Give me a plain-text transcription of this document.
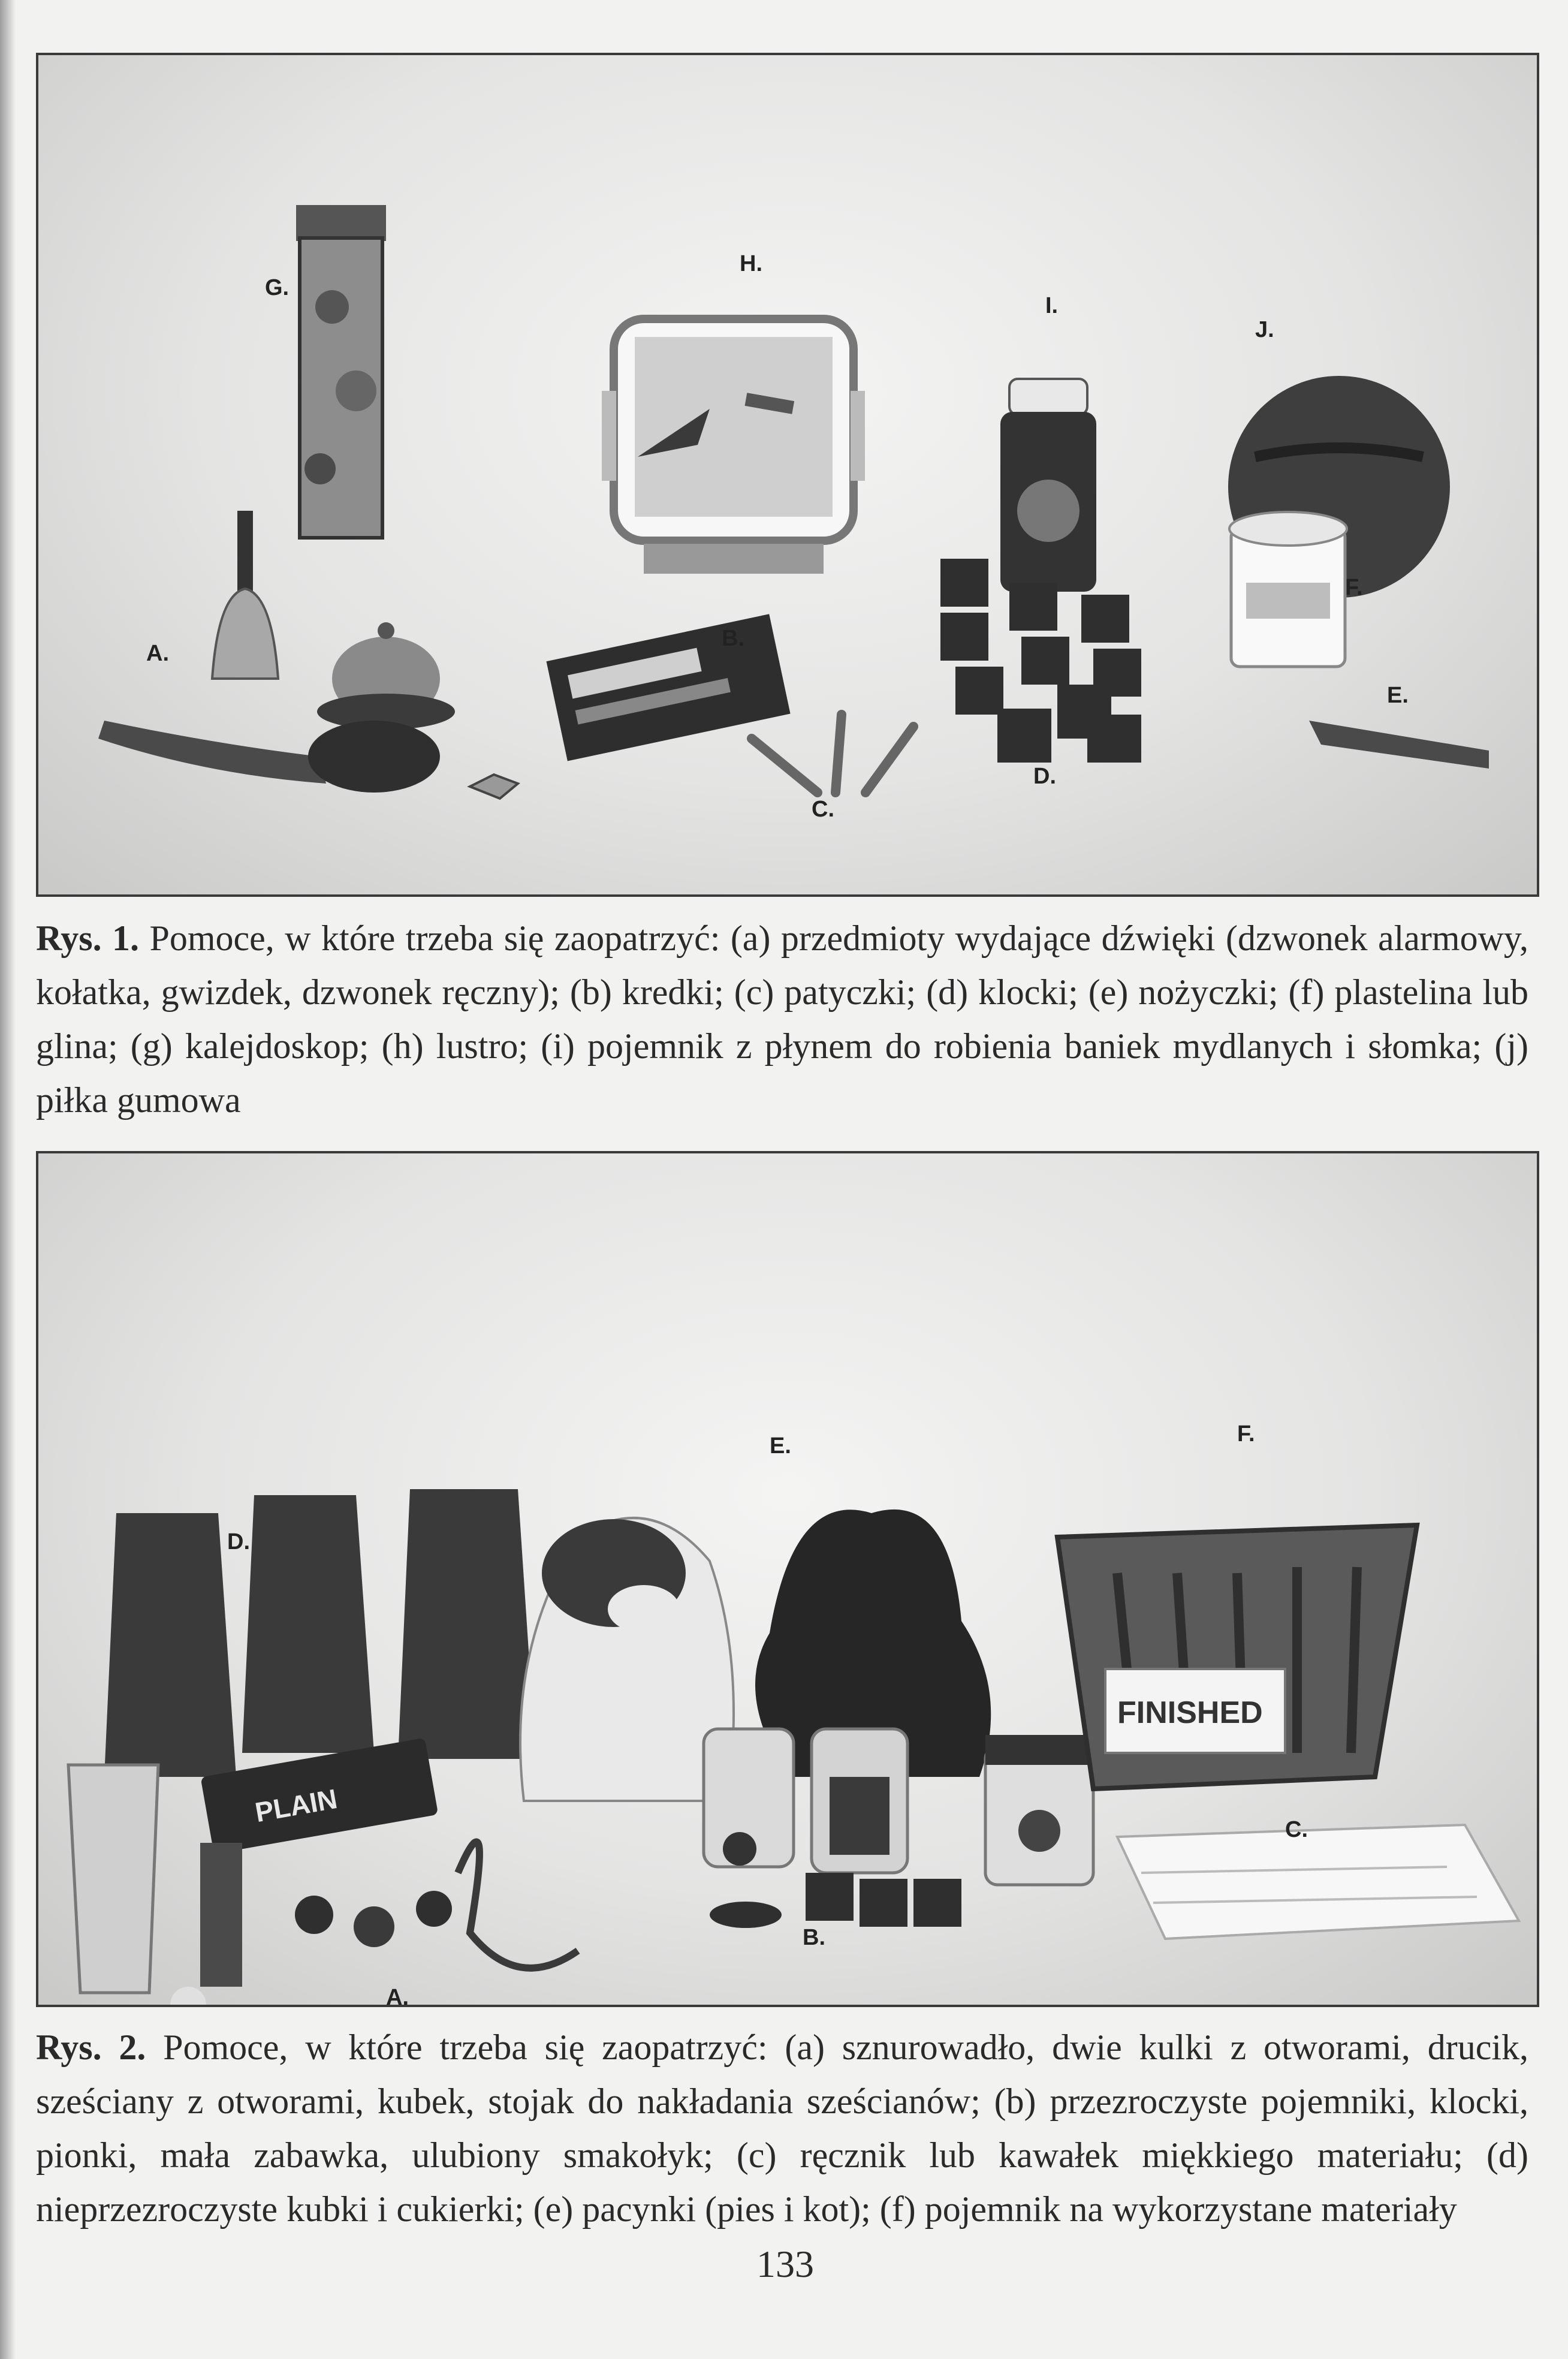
A.
B.
C.
D.
E.
F.
G.
H.
I.
J.
Rys. 1. Pomoce, w które trzeba się zaopatrzyć: (a) przedmioty wydające dźwięki (dzwonek alarmowy, kołatka, gwizdek, dzwonek ręczny); (b) kredki; (c) patyczki; (d) klocki; (e) nożyczki; (f) plastelina lub glina; (g) kalejdoskop; (h) lustro; (i) pojemnik z płynem do robienia baniek mydlanych i słomka; (j) piłka gumowa
PLAIN
FINISHED
A.
B.
C.
D.
E.	F.
Rys. 2. Pomoce, w które trzeba się zaopatrzyć: (a) sznurowadło, dwie kulki z otworami, drucik, sześciany z otworami, kubek, stojak do nakładania sześcianów; (b) przezroczyste pojemniki, klocki, pionki, mała zabawka, ulubiony smakołyk; (c) ręcznik lub kawałek miękkiego materiału; (d) nieprzezroczyste kubki i cukierki; (e) pacynki (pies i kot); (f) pojemnik na wykorzystane materiały
133
